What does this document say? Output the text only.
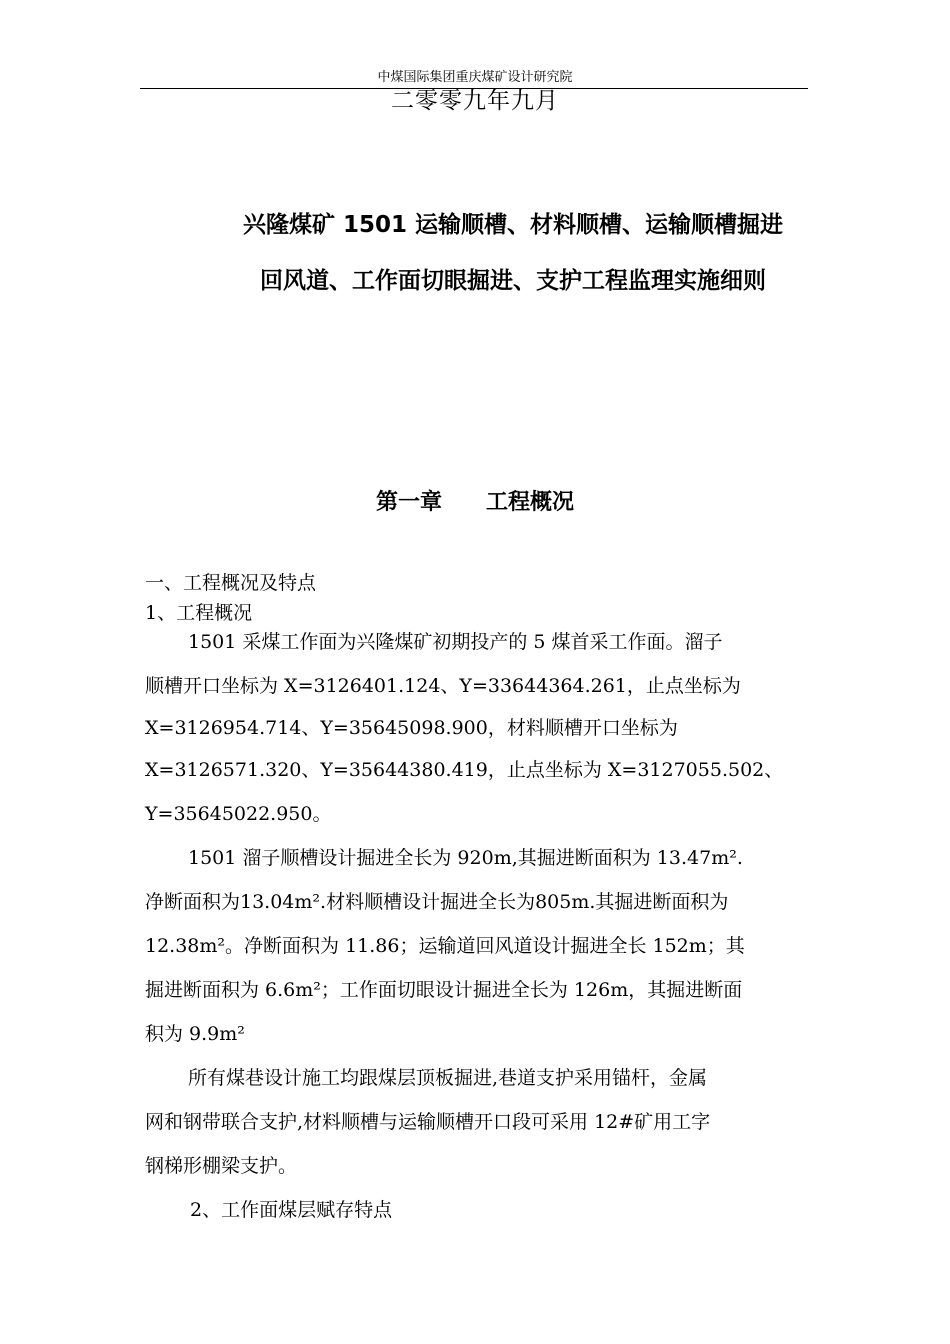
中煤国际集团重庆煤矿设计研究院
二零零九年九月
兴隆煤矿 1501 运输顺槽、材料顺槽、运输顺槽掘进
回风道、工作面切眼掘进、支护工程监理实施细则
第一章　　工程概况
一、工程概况及特点
1、工程概况
1501 采煤工作面为兴隆煤矿初期投产的 5 煤首采工作面。溜子
顺槽开口坐标为 X=3126401.124、Y=33644364.261，止点坐标为
X=3126954.714、Y=35645098.900，材料顺槽开口坐标为
X=3126571.320、Y=35644380.419，止点坐标为 X=3127055.502、
Y=35645022.950。
1501 溜子顺槽设计掘进全长为 920m,其掘进断面积为 13.47m².
净断面积为13.04m².材料顺槽设计掘进全长为805m.其掘进断面积为
12.38m²。净断面积为 11.86；运输道回风道设计掘进全长 152m；其
掘进断面积为 6.6m²；工作面切眼设计掘进全长为 126m，其掘进断面
积为 9.9m²
所有煤巷设计施工均跟煤层顶板掘进,巷道支护采用锚杆，金属
网和钢带联合支护,材料顺槽与运输顺槽开口段可采用 12#矿用工字
钢梯形棚梁支护。
2、工作面煤层赋存特点
